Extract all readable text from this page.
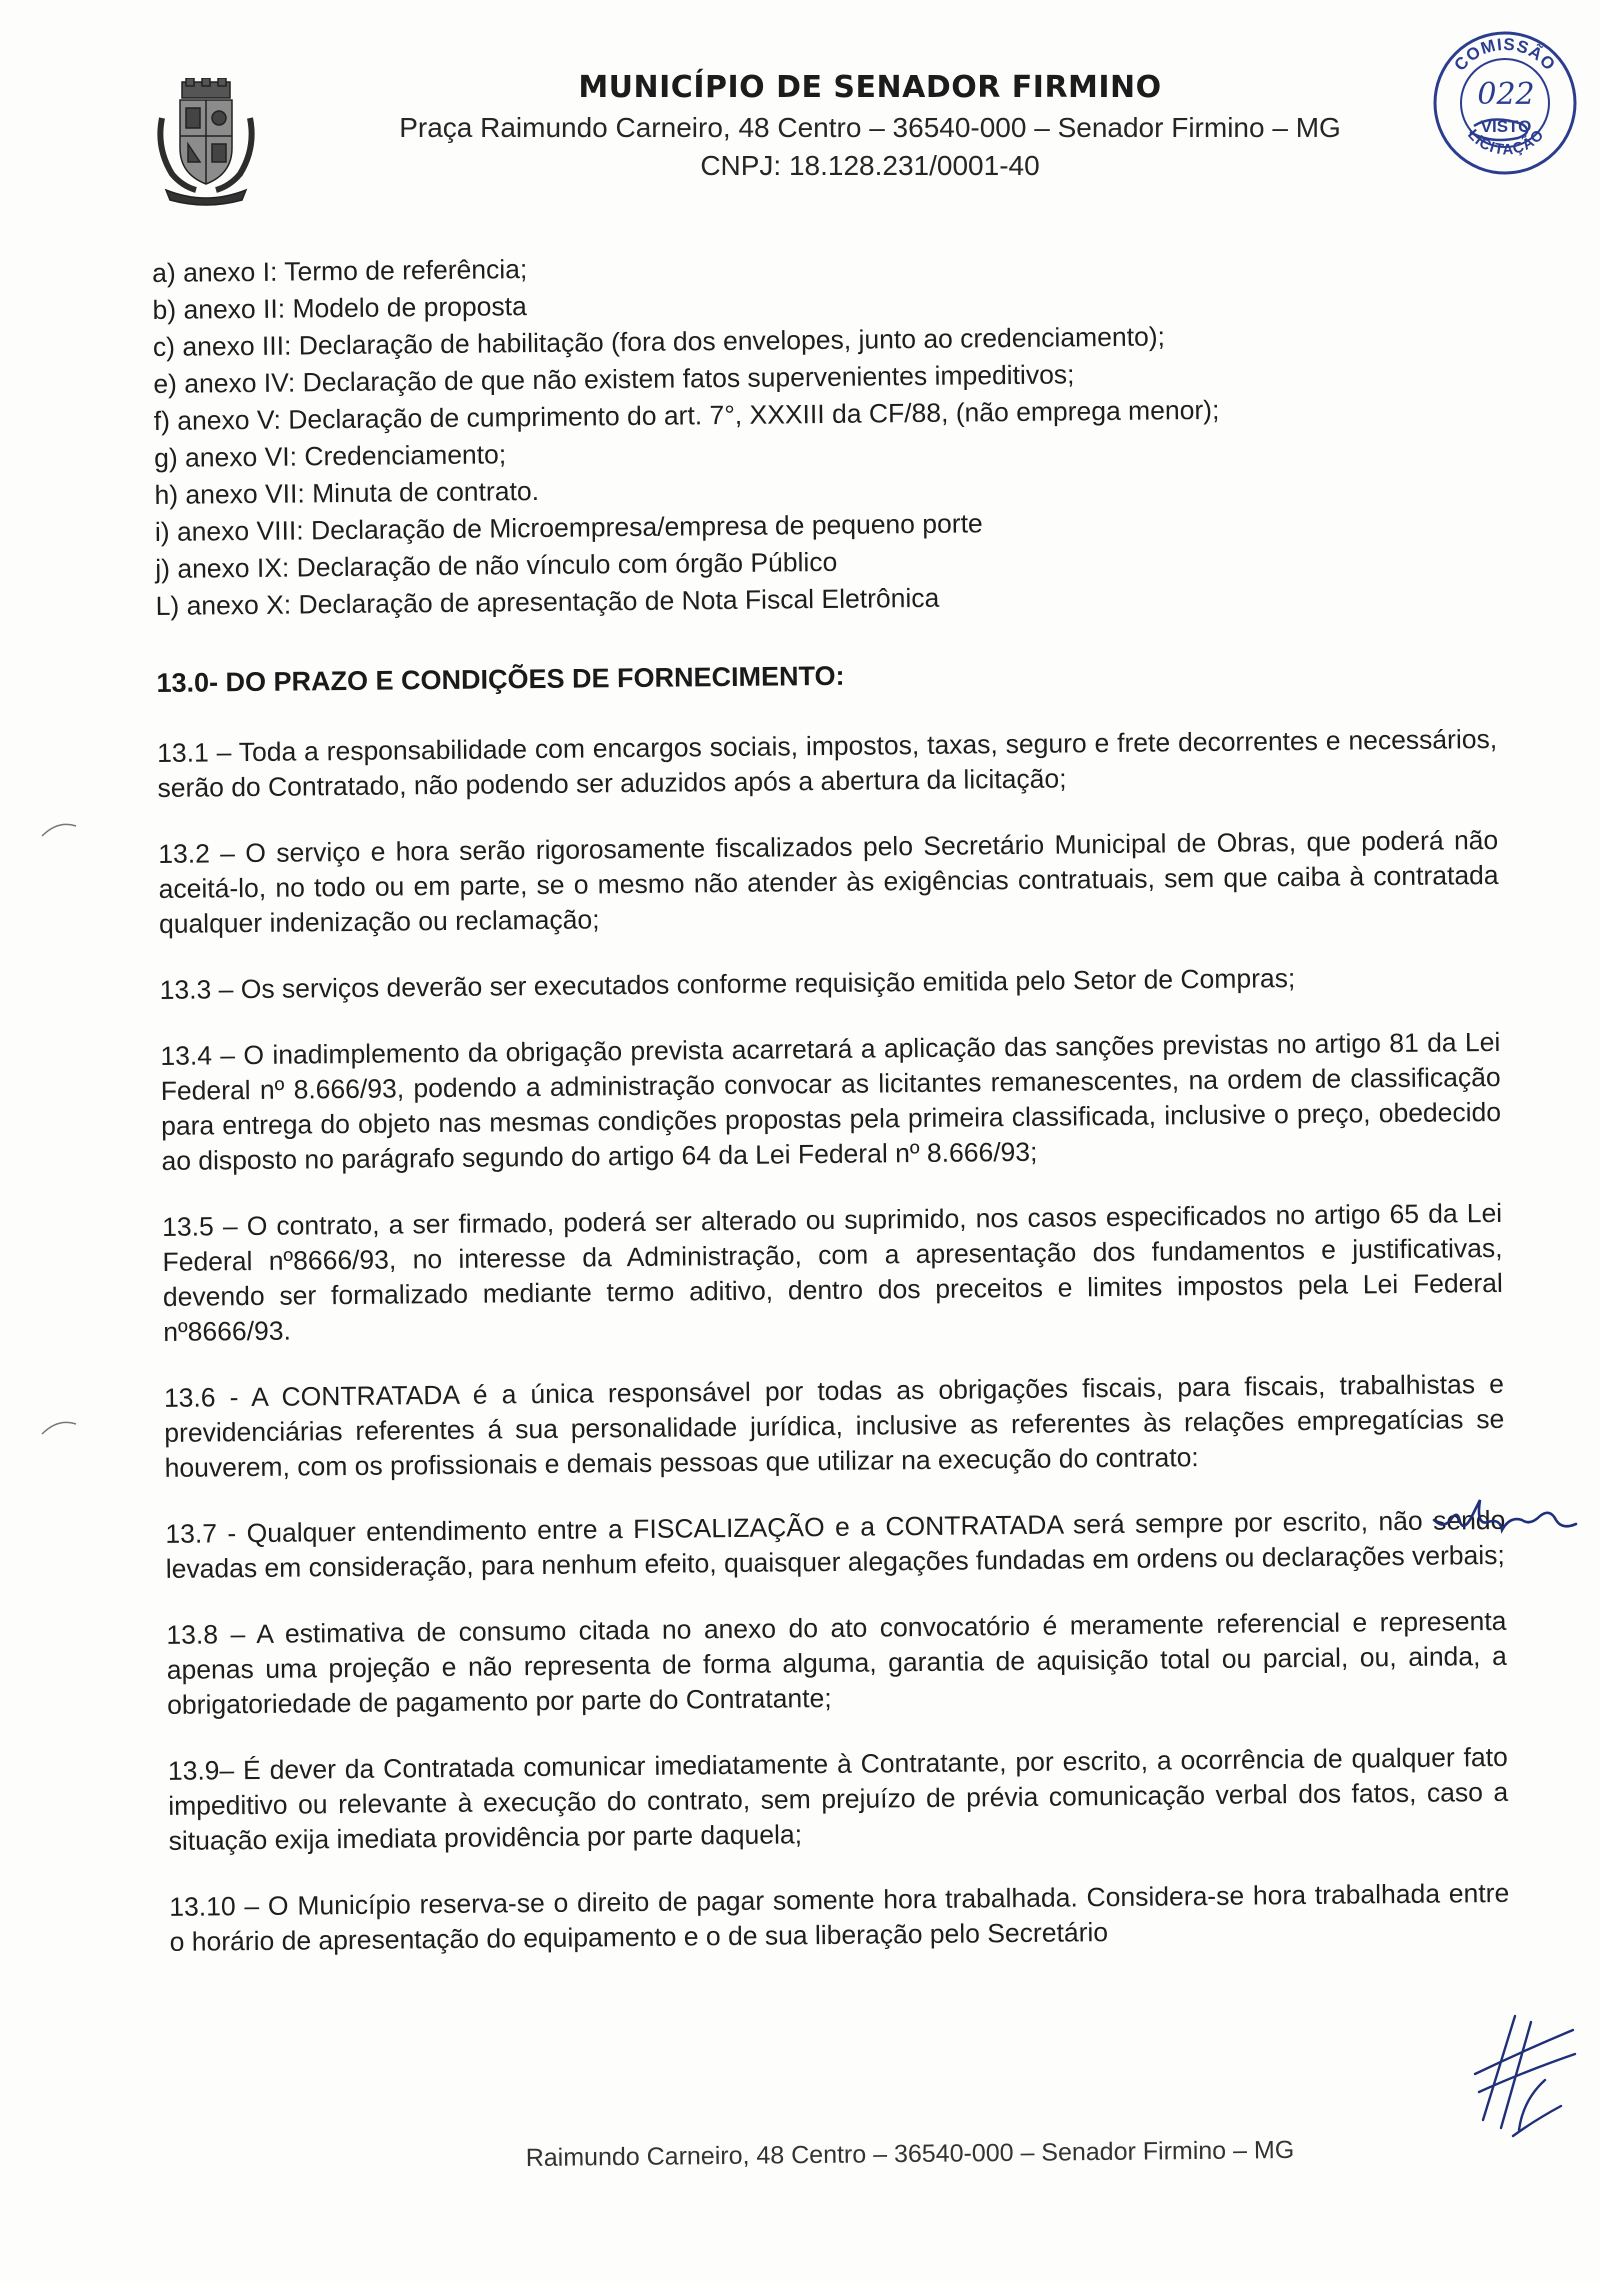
MUNICÍPIO DE SENADOR FIRMINO
Praça Raimundo Carneiro, 48 Centro – 36540-000 – Senador Firmino – MG
CNPJ: 18.128.231/0001-40
COMISSÃO
LICITAÇÃO
022
VISTO
a) anexo I: Termo de referência;
b) anexo II: Modelo de proposta
c) anexo III: Declaração de habilitação (fora dos envelopes, junto ao credenciamento);
e) anexo IV: Declaração de que não existem fatos supervenientes impeditivos;
f) anexo V: Declaração de cumprimento do art. 7°, XXXIII da CF/88, (não emprega menor);
g) anexo VI: Credenciamento;
h) anexo VII: Minuta de contrato.
i) anexo VIII: Declaração de Microempresa/empresa de pequeno porte
j) anexo IX: Declaração de não vínculo com órgão Público
L) anexo X: Declaração de apresentação de Nota Fiscal Eletrônica
13.0- DO PRAZO E CONDIÇÕES DE FORNECIMENTO:

13.1 – Toda a responsabilidade com encargos sociais, impostos, taxas, seguro e frete decorrentes e necessários, serão do Contratado, não podendo ser aduzidos após a abertura da licitação;

13.2 – O serviço e hora serão rigorosamente fiscalizados pelo Secretário Municipal de Obras, que poderá não aceitá-lo, no todo ou em parte, se o mesmo não atender às exigências contratuais, sem que caiba à contratada qualquer indenização ou reclamação;

13.3 – Os serviços deverão ser executados conforme requisição emitida pelo Setor de Compras;

13.4 – O inadimplemento da obrigação prevista acarretará a aplicação das sanções previstas no artigo 81 da Lei Federal nº 8.666/93, podendo a administração convocar as licitantes remanescentes, na ordem de classificação para entrega do objeto nas mesmas condições propostas pela primeira classificada, inclusive o preço, obedecido ao disposto no parágrafo segundo do artigo 64 da Lei Federal nº 8.666/93;

13.5 – O contrato, a ser firmado, poderá ser alterado ou suprimido, nos casos especificados no artigo 65 da Lei Federal nº8666/93, no interesse da Administração, com a apresentação dos fundamentos e justificativas, devendo ser formalizado mediante termo aditivo, dentro dos preceitos e limites impostos pela Lei Federal nº8666/93.

13.6 - A CONTRATADA é a única responsável por todas as obrigações fiscais, para fiscais, trabalhistas e previdenciárias referentes á sua personalidade jurídica, inclusive as referentes às relações empregatícias se houverem, com os profissionais e demais pessoas que utilizar na execução do contrato:

13.7 - Qualquer entendimento entre a FISCALIZAÇÃO e a CONTRATADA será sempre por escrito, não sendo levadas em consideração, para nenhum efeito, quaisquer alegações fundadas em ordens ou declarações verbais;

13.8 – A estimativa de consumo citada no anexo do ato convocatório é meramente referencial e representa apenas uma projeção e não representa de forma alguma, garantia de aquisição total ou parcial, ou, ainda, a obrigatoriedade de pagamento por parte do Contratante;

13.9– É dever da Contratada comunicar imediatamente à Contratante, por escrito, a ocorrência de qualquer fato impeditivo ou relevante à execução do contrato, sem prejuízo de prévia comunicação verbal dos fatos, caso a situação exija imediata providência por parte daquela;

13.10 – O Município reserva-se o direito de pagar somente hora trabalhada. Considera-se hora trabalhada entre o horário de apresentação do equipamento e o de sua liberação pelo Secretário

Raimundo Carneiro, 48 Centro – 36540-000 – Senador Firmino – MG
